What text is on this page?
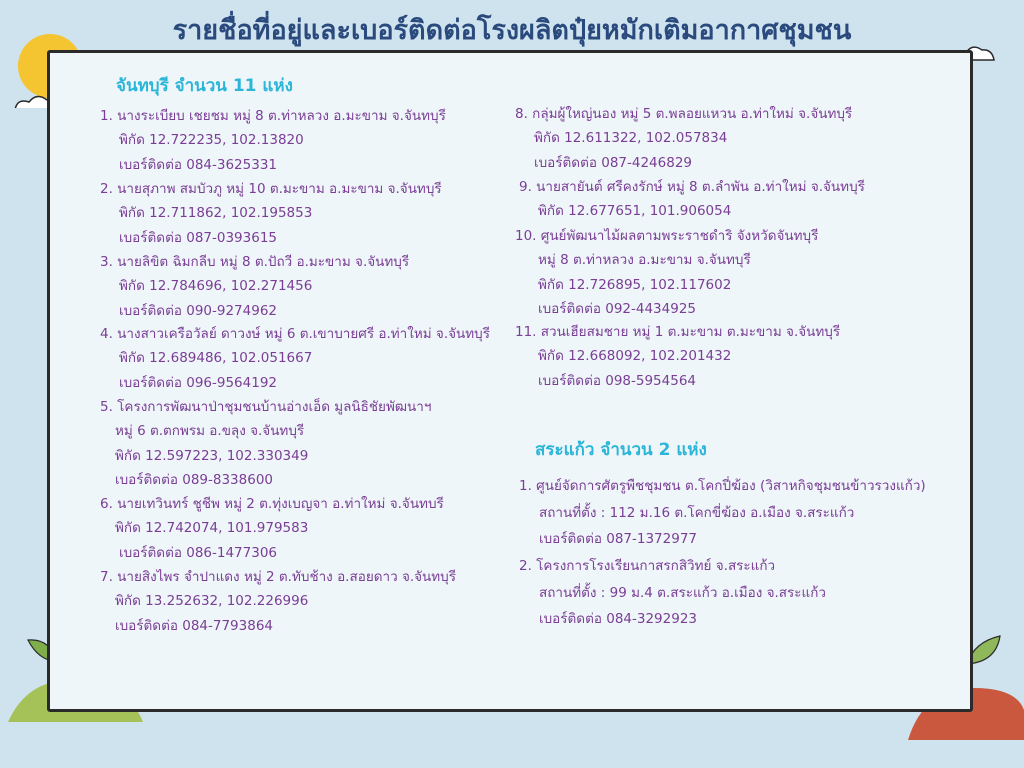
รายชื่อที่อยู่และเบอร์ติดต่อโรงผลิตปุ๋ยหมักเติมอากาศชุมชน
จันทบุรี จำนวน 11 แห่ง
1. นางระเบียบ เชยชม หมู่ 8 ต.ท่าหลวง อ.มะขาม จ.จันทบุรี
พิกัด 12.722235, 102.13820
เบอร์ติดต่อ 084-3625331
2. นายสุภาพ สมบัวภู หมู่ 10 ต.มะขาม อ.มะขาม จ.จันทบุรี
พิกัด 12.711862, 102.195853
เบอร์ติดต่อ 087-0393615
3. นายลิขิต ฉิมกลีบ หมู่ 8 ต.ปัถวี อ.มะขาม จ.จันทบุรี
พิกัด 12.784696, 102.271456
เบอร์ติดต่อ 090-9274962
4. นางสาวเครือวัลย์ ดาวงษ์ หมู่ 6 ต.เขาบายศรี อ.ท่าใหม่ จ.จันทบุรี
พิกัด 12.689486, 102.051667
เบอร์ติดต่อ 096-9564192
5. โครงการพัฒนาป่าชุมชนบ้านอ่างเอ็ด มูลนิธิชัยพัฒนาฯ
หมู่ 6 ต.ตกพรม อ.ขลุง จ.จันทบุรี
พิกัด 12.597223, 102.330349
เบอร์ติดต่อ 089-8338600
6. นายเทวินทร์ ชูชีพ หมู่ 2 ต.ทุ่งเบญจา อ.ท่าใหม่ จ.จันทบรี
พิกัด 12.742074, 101.979583
เบอร์ติดต่อ 086-1477306
7. นายสิงไพร จำปาแดง หมู่ 2 ต.ทับช้าง อ.สอยดาว จ.จันทบุรี
พิกัด 13.252632, 102.226996
เบอร์ติดต่อ 084-7793864
8. กลุ่มผู้ใหญ่นอง หมู่ 5 ต.พลอยแหวน อ.ท่าใหม่ จ.จันทบุรี
พิกัด 12.611322, 102.057834
เบอร์ติดต่อ 087-4246829
9. นายสายันต์ ศรีคงรักษ์ หมู่ 8 ต.ลำพัน อ.ท่าใหม่ จ.จันทบุรี
พิกัด 12.677651, 101.906054
10. ศูนย์พัฒนาไม้ผลตามพระราชดำริ จังหวัดจันทบุรี
หมู่ 8 ต.ท่าหลวง อ.มะขาม จ.จันทบุรี
พิกัด 12.726895, 102.117602
เบอร์ติดต่อ 092-4434925
11. สวนเฮียสมชาย หมู่ 1 ต.มะขาม ต.มะขาม จ.จันทบุรี
พิกัด 12.668092, 102.201432
เบอร์ติดต่อ 098-5954564
สระแก้ว จำนวน 2 แห่ง
1. ศูนย์จัดการศัตรูพืชชุมชน ต.โคกปี่ฆ้อง (วิสาหกิจชุมชนข้าวรวงแก้ว)
สถานที่ตั้ง : 112 ม.16 ต.โคกขี่ฆ้อง อ.เมือง จ.สระแก้ว
เบอร์ติดต่อ 087-1372977
2. โครงการโรงเรียนกาสรกสิวิทย์ จ.สระแก้ว
สถานที่ตั้ง : 99 ม.4 ต.สระแก้ว อ.เมือง จ.สระแก้ว
เบอร์ติดต่อ 084-3292923
